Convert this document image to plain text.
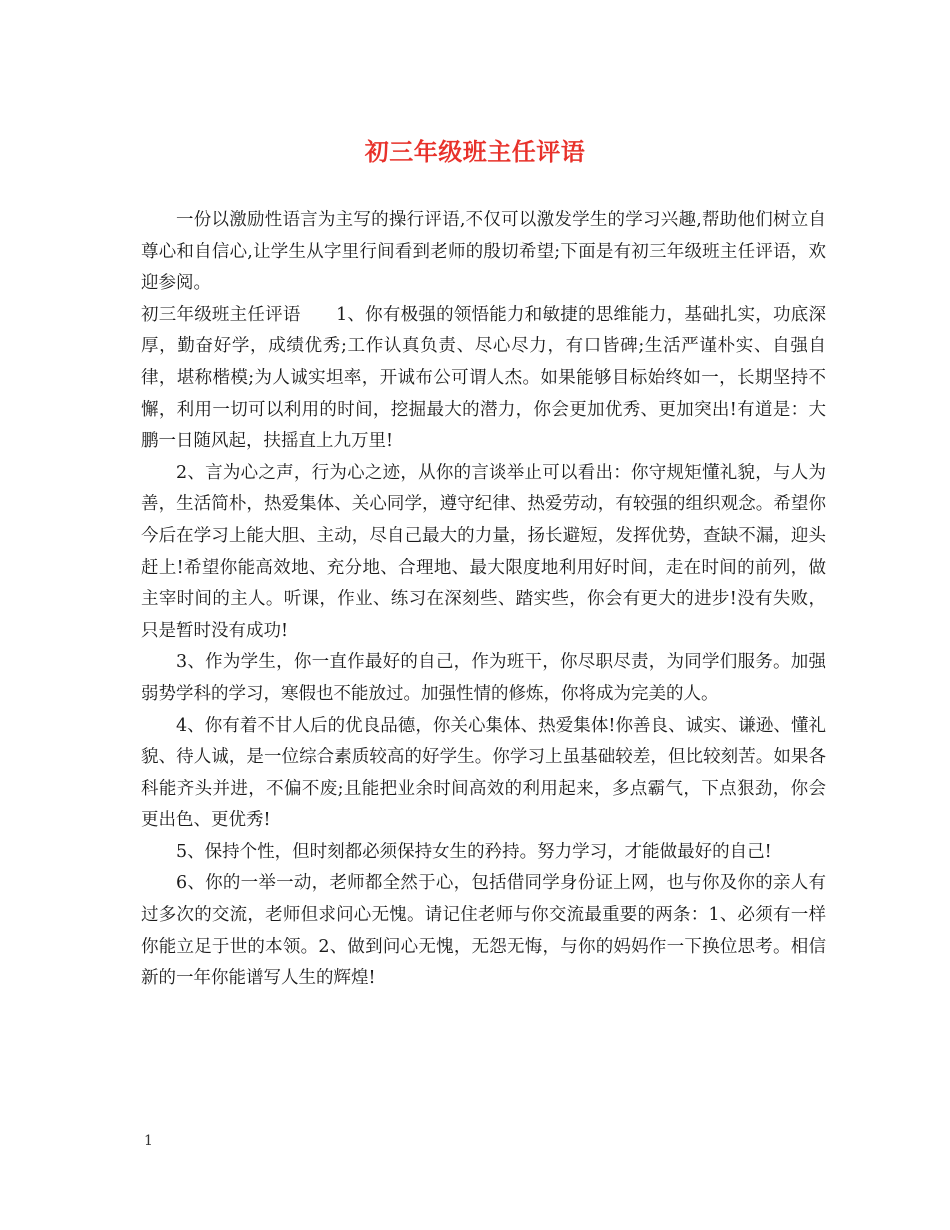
初三年级班主任评语

一份以激励性语言为主写的操行评语,不仅可以激发学生的学习兴趣,帮助他们树立自尊心和自信心,让学生从字里行间看到老师的殷切希望;下面是有初三年级班主任评语，欢迎参阅。

初三年级班主任评语　　1、你有极强的领悟能力和敏捷的思维能力，基础扎实，功底深厚，勤奋好学，成绩优秀;工作认真负责、尽心尽力，有口皆碑;生活严谨朴实、自强自律，堪称楷模;为人诚实坦率，开诚布公可谓人杰。如果能够目标始终如一，长期坚持不懈，利用一切可以利用的时间，挖掘最大的潜力，你会更加优秀、更加突出!有道是：大鹏一日随风起，扶摇直上九万里!

2、言为心之声，行为心之迹，从你的言谈举止可以看出：你守规矩懂礼貌，与人为善，生活简朴，热爱集体、关心同学，遵守纪律、热爱劳动，有较强的组织观念。希望你今后在学习上能大胆、主动，尽自己最大的力量，扬长避短，发挥优势，查缺不漏，迎头赶上!希望你能高效地、充分地、合理地、最大限度地利用好时间，走在时间的前列，做主宰时间的主人。听课，作业、练习在深刻些、踏实些，你会有更大的进步!没有失败，只是暂时没有成功!

3、作为学生，你一直作最好的自己，作为班干，你尽职尽责，为同学们服务。加强弱势学科的学习，寒假也不能放过。加强性情的修炼，你将成为完美的人。

4、你有着不甘人后的优良品德，你关心集体、热爱集体!你善良、诚实、谦逊、懂礼貌、待人诚，是一位综合素质较高的好学生。你学习上虽基础较差，但比较刻苦。如果各科能齐头并进，不偏不废;且能把业余时间高效的利用起来，多点霸气，下点狠劲，你会更出色、更优秀!

5、保持个性，但时刻都必须保持女生的矜持。努力学习，才能做最好的自己!

6、你的一举一动，老师都全然于心，包括借同学身份证上网，也与你及你的亲人有过多次的交流，老师但求问心无愧。请记住老师与你交流最重要的两条：1、必须有一样你能立足于世的本领。2、做到问心无愧，无怨无悔，与你的妈妈作一下换位思考。相信新的一年你能谱写人生的辉煌!

1
